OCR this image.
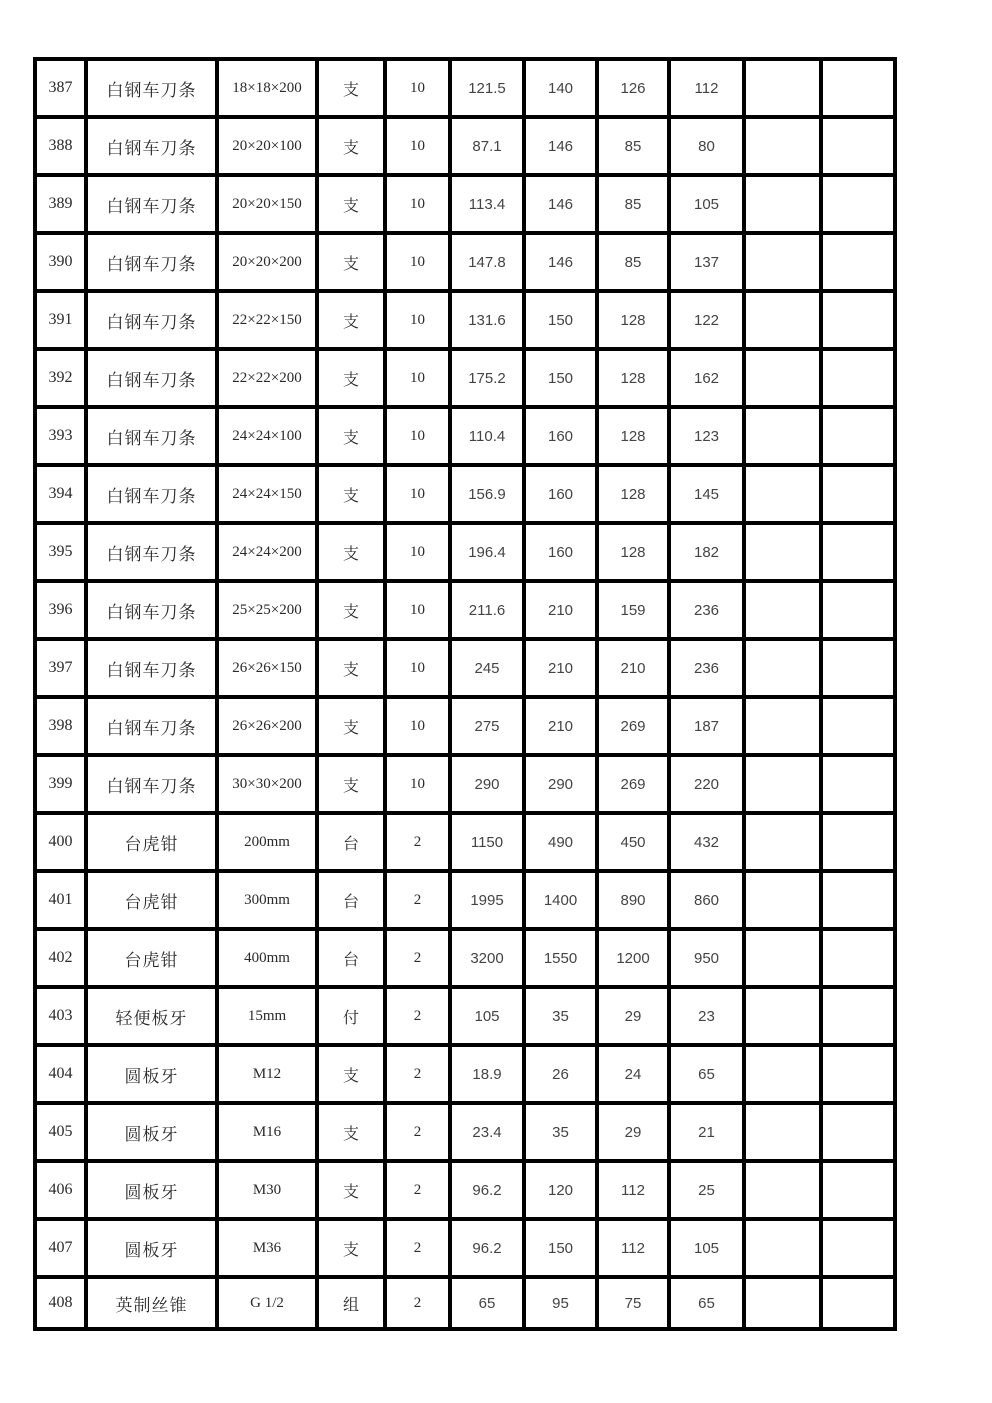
387	白钢车刀条	18×18×200	支	10	121.5	140	126	112		
388	白钢车刀条	20×20×100	支	10	87.1	146	85	80		
389	白钢车刀条	20×20×150	支	10	113.4	146	85	105		
390	白钢车刀条	20×20×200	支	10	147.8	146	85	137		
391	白钢车刀条	22×22×150	支	10	131.6	150	128	122		
392	白钢车刀条	22×22×200	支	10	175.2	150	128	162		
393	白钢车刀条	24×24×100	支	10	110.4	160	128	123		
394	白钢车刀条	24×24×150	支	10	156.9	160	128	145		
395	白钢车刀条	24×24×200	支	10	196.4	160	128	182		
396	白钢车刀条	25×25×200	支	10	211.6	210	159	236		
397	白钢车刀条	26×26×150	支	10	245	210	210	236		
398	白钢车刀条	26×26×200	支	10	275	210	269	187		
399	白钢车刀条	30×30×200	支	10	290	290	269	220		
400	台虎钳	200mm	台	2	1150	490	450	432		
401	台虎钳	300mm	台	2	1995	1400	890	860		
402	台虎钳	400mm	台	2	3200	1550	1200	950		
403	轻便板牙	15mm	付	2	105	35	29	23		
404	圆板牙	M12	支	2	18.9	26	24	65		
405	圆板牙	M16	支	2	23.4	35	29	21		
406	圆板牙	M30	支	2	96.2	120	112	25		
407	圆板牙	M36	支	2	96.2	150	112	105		
408	英制丝锥	G 1/2	组	2	65	95	75	65		
